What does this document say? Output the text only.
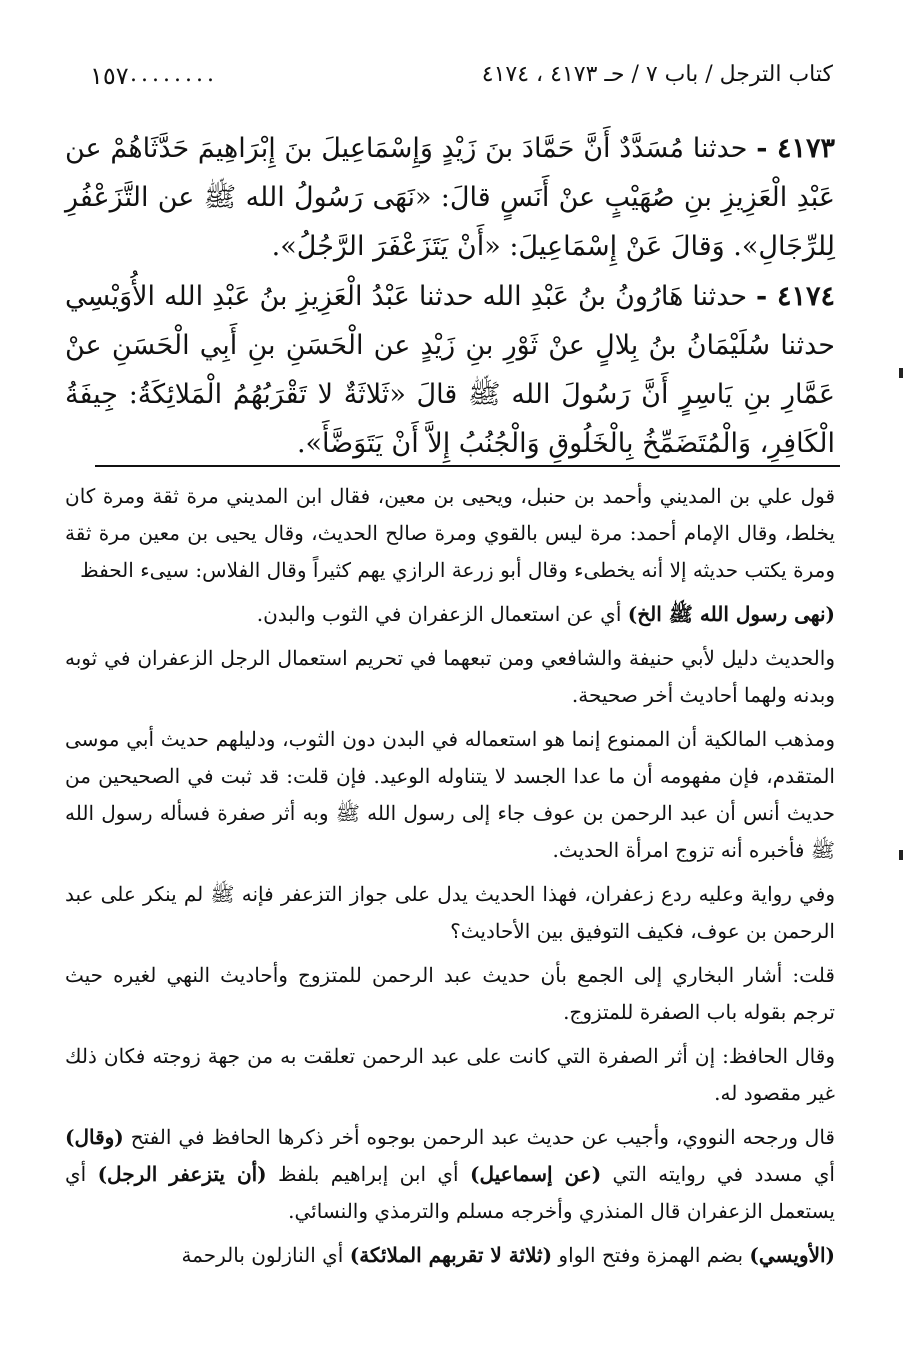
كتاب الترجل / باب ٧ / حـ ٤١٧٣ ، ٤١٧٤
........
١٥٧
٤١٧٣ - حدثنا مُسَدَّدٌ أَنَّ حَمَّادَ بنَ زَيْدٍ وَإِسْمَاعِيلَ بنَ إِبْرَاهِيمَ حَدَّثَاهُمْ عن عَبْدِ الْعَزِيزِ بنِ صُهَيْبٍ عنْ أَنَسٍ قالَ: «نَهَى رَسُولُ الله ﷺ عن التَّزَعْفُرِ لِلرِّجَالِ». وَقالَ عَنْ إِسْمَاعِيلَ: «أَنْ يَتَزَعْفَرَ الرَّجُلُ».
٤١٧٤ - حدثنا هَارُونُ بنُ عَبْدِ الله حدثنا عَبْدُ الْعَزِيزِ بنُ عَبْدِ الله الأُوَيْسِي حدثنا سُلَيْمَانُ بنُ بِلالٍ عنْ ثَوْرِ بنِ زَيْدٍ عن الْحَسَنِ بنِ أَبِي الْحَسَنِ عنْ عَمَّارِ بنِ يَاسِرٍ أَنَّ رَسُولَ الله ﷺ قالَ «ثَلاثَةٌ لا تَقْرَبُهُمُ الْمَلائِكَةُ: جِيفَةُ الْكَافِرِ، وَالْمُتَضَمِّخُ بِالْخَلُوقِ وَالْجُنُبُ إِلاَّ أَنْ يَتَوَضَّأَ».

قول علي بن المديني وأحمد بن حنبل، ويحيى بن معين، فقال ابن المديني مرة ثقة ومرة كان يخلط، وقال الإمام أحمد: مرة ليس بالقوي ومرة صالح الحديث، وقال يحيى بن معين مرة ثقة ومرة يكتب حديثه إلا أنه يخطىء وقال أبو زرعة الرازي يهم كثيراً وقال الفلاس: سيىء الحفظ

(نهى رسول الله ﷺ الخ) أي عن استعمال الزعفران في الثوب والبدن.

والحديث دليل لأبي حنيفة والشافعي ومن تبعهما في تحريم استعمال الرجل الزعفران في ثوبه وبدنه ولهما أحاديث أخر صحيحة.

ومذهب المالكية أن الممنوع إنما هو استعماله في البدن دون الثوب، ودليلهم حديث أبي موسى المتقدم، فإن مفهومه أن ما عدا الجسد لا يتناوله الوعيد. فإن قلت: قد ثبت في الصحيحين من حديث أنس أن عبد الرحمن بن عوف جاء إلى رسول الله ﷺ وبه أثر صفرة فسأله رسول الله ﷺ فأخبره أنه تزوج امرأة الحديث.

وفي رواية وعليه ردع زعفران، فهذا الحديث يدل على جواز التزعفر فإنه ﷺ لم ينكر على عبد الرحمن بن عوف، فكيف التوفيق بين الأحاديث؟

قلت: أشار البخاري إلى الجمع بأن حديث عبد الرحمن للمتزوج وأحاديث النهي لغيره حيث ترجم بقوله باب الصفرة للمتزوج.

وقال الحافظ: إن أثر الصفرة التي كانت على عبد الرحمن تعلقت به من جهة زوجته فكان ذلك غير مقصود له.

قال ورجحه النووي، وأجيب عن حديث عبد الرحمن بوجوه أخر ذكرها الحافظ في الفتح (وقال) أي مسدد في روايته التي (عن إسماعيل) أي ابن إبراهيم بلفظ (أن يتزعفر الرجل) أي يستعمل الزعفران قال المنذري وأخرجه مسلم والترمذي والنسائي.

(الأويسي) بضم الهمزة وفتح الواو (ثلاثة لا تقربهم الملائكة) أي النازلون بالرحمة
